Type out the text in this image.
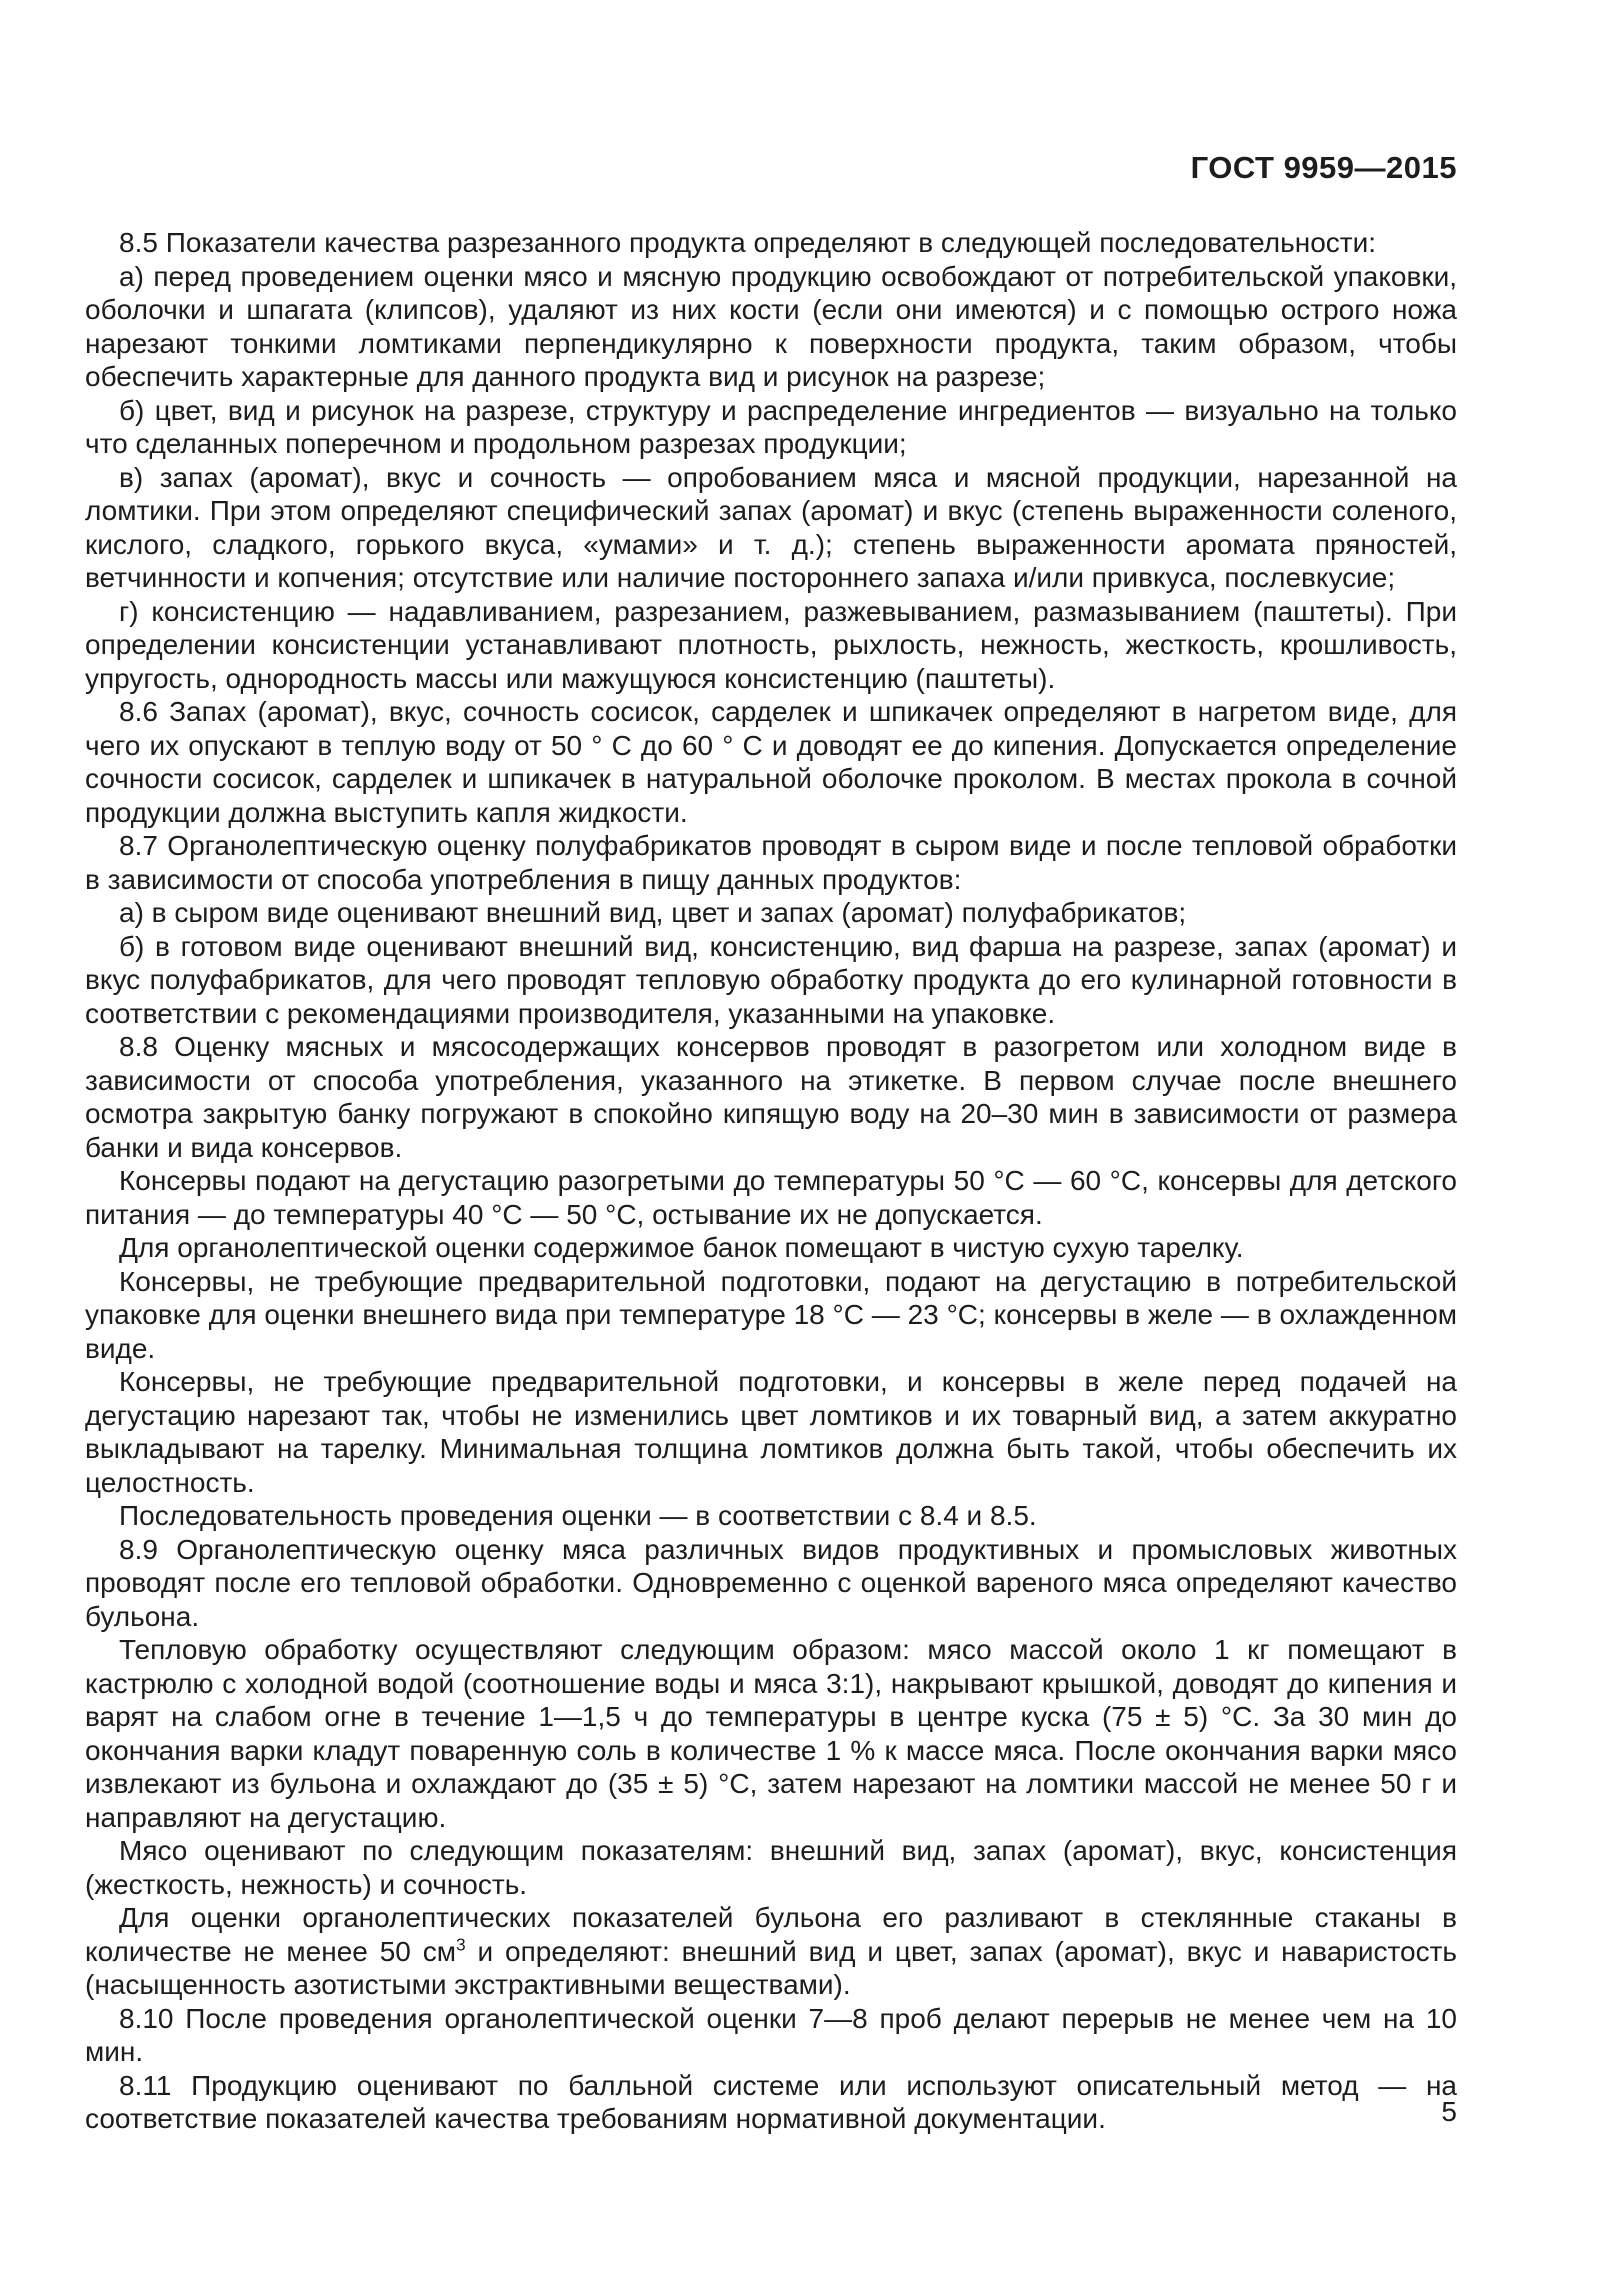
ГОСТ 9959—2015

8.5 Показатели качества разрезанного продукта определяют в следующей последовательности:

а) перед проведением оценки мясо и мясную продукцию освобождают от потребительской упаковки, оболочки и шпагата (клипсов), удаляют из них кости (если они имеются) и с помощью острого ножа нарезают тонкими ломтиками перпендикулярно к поверхности продукта, таким образом, чтобы обеспечить характерные для данного продукта вид и рисунок на разрезе;

б) цвет, вид и рисунок на разрезе, структуру и распределение ингредиентов — визуально на только что сделанных поперечном и продольном разрезах продукции;

в) запах (аромат), вкус и сочность — опробованием мяса и мясной продукции, нарезанной на ломтики. При этом определяют специфический запах (аромат) и вкус (степень выраженности соленого, кислого, сладкого, горького вкуса, «умами» и т. д.); степень выраженности аромата пряностей, ветчинности и копчения; отсутствие или наличие постороннего запаха и/или привкуса, послевкусие;

г) консистенцию — надавливанием, разрезанием, разжевыванием, размазыванием (паштеты). При определении консистенции устанавливают плотность, рыхлость, нежность, жесткость, крошливость, упругость, однородность массы или мажущуюся консистенцию (паштеты).

8.6 Запах (аромат), вкус, сочность сосисок, сарделек и шпикачек определяют в нагретом виде, для чего их опускают в теплую воду от 50 ° С до 60 ° С и доводят ее до кипения. Допускается определение сочности сосисок, сарделек и шпикачек в натуральной оболочке проколом. В местах прокола в сочной продукции должна выступить капля жидкости.

8.7 Органолептическую оценку полуфабрикатов проводят в сыром виде и после тепловой обработки в зависимости от способа употребления в пищу данных продуктов:

а) в сыром виде оценивают внешний вид, цвет и запах (аромат) полуфабрикатов;

б) в готовом виде оценивают внешний вид, консистенцию, вид фарша на разрезе, запах (аромат) и вкус полуфабрикатов, для чего проводят тепловую обработку продукта до его кулинарной готовности в соответствии с рекомендациями производителя, указанными на упаковке.

8.8 Оценку мясных и мясосодержащих консервов проводят в разогретом или холодном виде в зависимости от способа употребления, указанного на этикетке. В первом случае после внешнего осмотра закрытую банку погружают в спокойно кипящую воду на 20–30 мин в зависимости от размера банки и вида консервов.

Консервы подают на дегустацию разогретыми до температуры 50 °С — 60 °С, консервы для детского питания — до температуры 40 °С — 50 °С, остывание их не допускается.

Для органолептической оценки содержимое банок помещают в чистую сухую тарелку.

Консервы, не требующие предварительной подготовки, подают на дегустацию в потребительской упаковке для оценки внешнего вида при температуре 18 °С — 23 °С; консервы в желе — в охлажденном виде.

Консервы, не требующие предварительной подготовки, и консервы в желе перед подачей на дегустацию нарезают так, чтобы не изменились цвет ломтиков и их товарный вид, а затем аккуратно выкладывают на тарелку. Минимальная толщина ломтиков должна быть такой, чтобы обеспечить их целостность.

Последовательность проведения оценки — в соответствии с 8.4 и 8.5.

8.9 Органолептическую оценку мяса различных видов продуктивных и промысловых животных проводят после его тепловой обработки. Одновременно с оценкой вареного мяса определяют качество бульона.

Тепловую обработку осуществляют следующим образом: мясо массой около 1 кг помещают в кастрюлю с холодной водой (соотношение воды и мяса 3:1), накрывают крышкой, доводят до кипения и варят на слабом огне в течение 1—1,5 ч до температуры в центре куска (75 ± 5) °С. За 30 мин до окончания варки кладут поваренную соль в количестве 1 % к массе мяса. После окончания варки мясо извлекают из бульона и охлаждают до (35 ± 5) °С, затем нарезают на ломтики массой не менее 50 г и направляют на дегустацию.

Мясо оценивают по следующим показателям: внешний вид, запах (аромат), вкус, консистенция (жесткость, нежность) и сочность.

Для оценки органолептических показателей бульона его разливают в стеклянные стаканы в количестве не менее 50 $см^3$ и определяют: внешний вид и цвет, запах (аромат), вкус и наваристость (насыщенность азотистыми экстрактивными веществами).

8.10 После проведения органолептической оценки 7—8 проб делают перерыв не менее чем на 10 мин.

8.11 Продукцию оценивают по балльной системе или используют описательный метод — на соответствие показателей качества требованиям нормативной документации.	5
